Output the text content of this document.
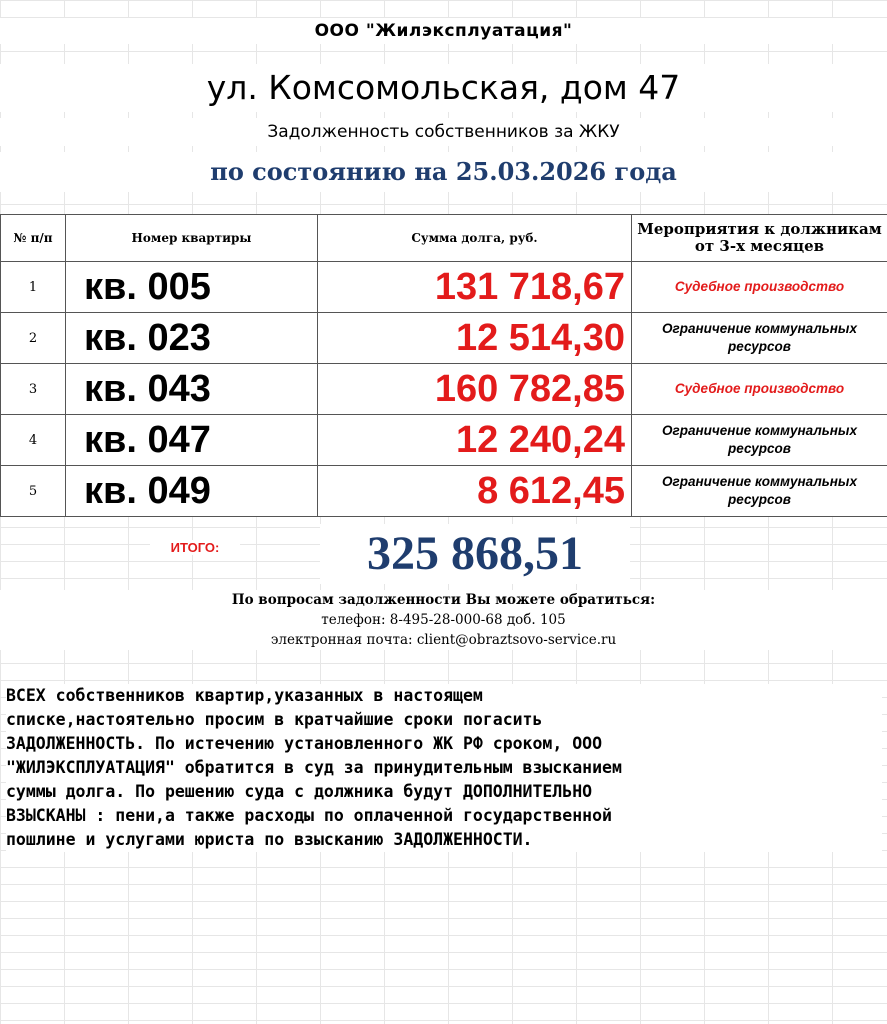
ООО "Жилэксплуатация"
ул. Комсомольская, дом 47
Задолженность собственников за ЖКУ
по состоянию на 25.03.2026 года
№ п/п	Номер квартиры	Сумма долга, руб.	Мероприятия к должникам от 3-х месяцев
1	кв. 005	131 718,67	Судебное производство
2	кв. 023	12 514,30	Ограничение коммунальных ресурсов
3	кв. 043	160 782,85	Судебное производство
4	кв. 047	12 240,24	Ограничение коммунальных ресурсов
5	кв. 049	8 612,45	Ограничение коммунальных ресурсов
ИТОГО:	325 868,51
По вопросам задолженности Вы можете обратиться:
телефон: 8-495-28-000-68 доб. 105
электронная почта: client@obraztsovo-service.ru
ВСЕХ собственников квартир,указанных в настоящем
списке,настоятельно просим в кратчайшие сроки погасить
ЗАДОЛЖЕННОСТЬ. По истечению установленного ЖК РФ сроком, ООО
"ЖИЛЭКСПЛУАТАЦИЯ" обратится в суд за принудительным взысканием
суммы долга. По решению суда с должника будут ДОПОЛНИТЕЛЬНО
ВЗЫСКАНЫ : пени,а также расходы по оплаченной государственной
пошлине и услугами юриста по взысканию ЗАДОЛЖЕННОСТИ.
